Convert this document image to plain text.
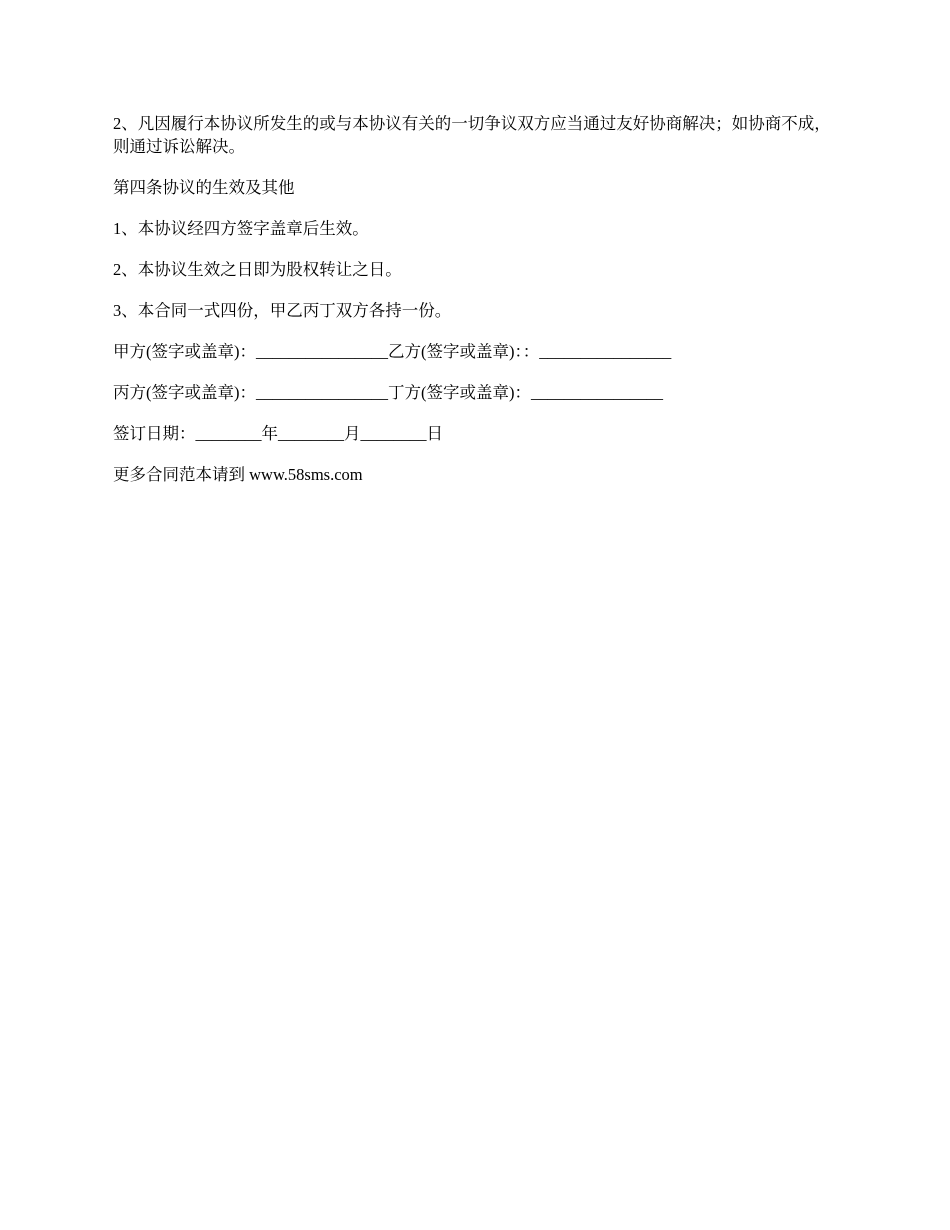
2、凡因履行本协议所发生的或与本协议有关的一切争议双方应当通过友好协商解决；如协商不成，则通过诉讼解决。

第四条协议的生效及其他

1、本协议经四方签字盖章后生效。

2、本协议生效之日即为股权转让之日。

3、本合同一式四份，甲乙丙丁双方各持一份。

甲方(签字或盖章)：________________乙方(签字或盖章)：：________________

丙方(签字或盖章)：________________丁方(签字或盖章)：________________

签订日期：________年________月________日

更多合同范本请到 www.58sms.com
